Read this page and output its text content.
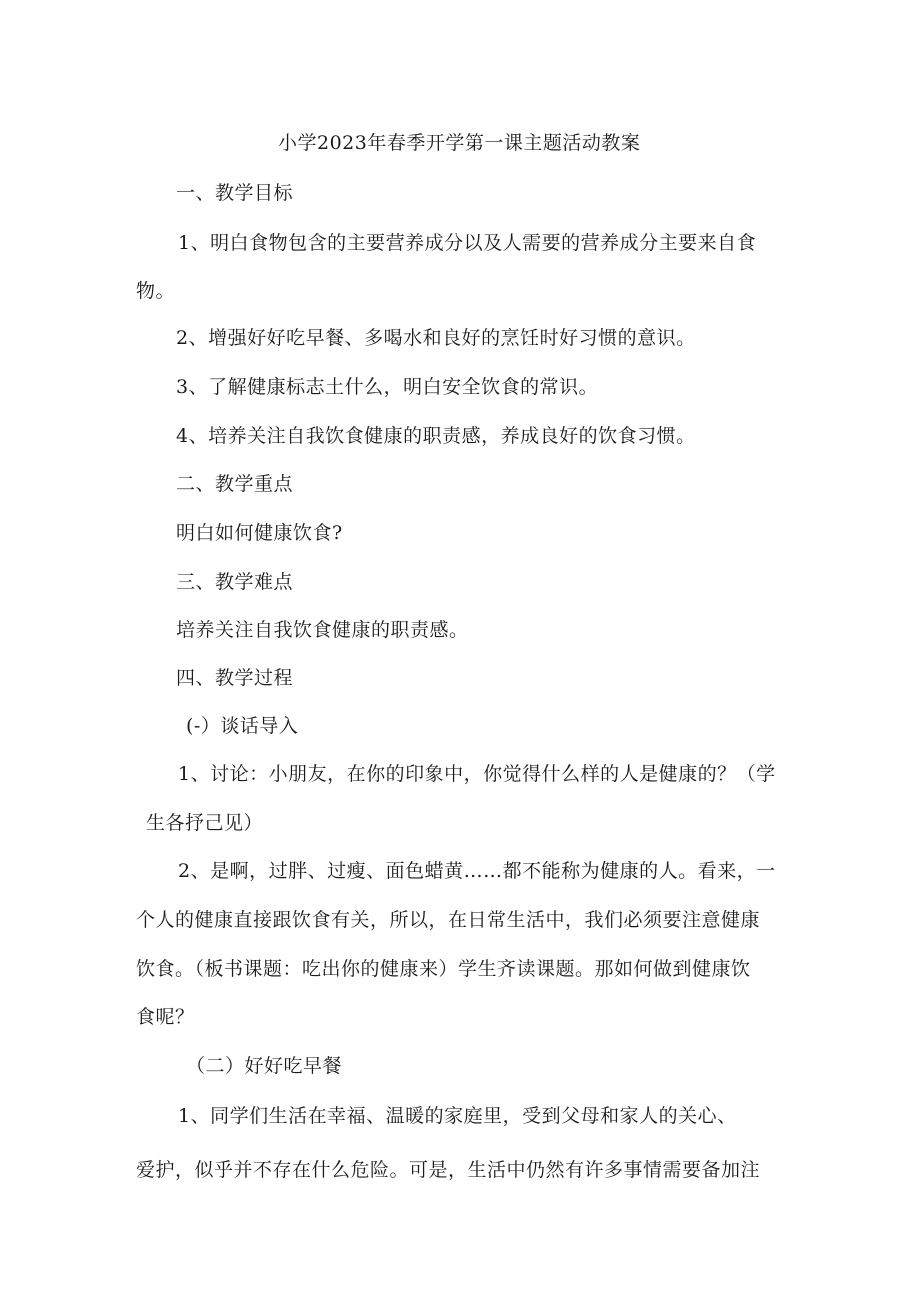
小学2023年春季开学第一课主题活动教案
一、教学目标
1、明白食物包含的主要营养成分以及人需要的营养成分主要来自食
物。
2、增强好好吃早餐、多喝水和良好的烹饪时好习惯的意识。
3、了解健康标志土什么，明白安全饮食的常识。
4、培养关注自我饮食健康的职责感，养成良好的饮食习惯。
二、教学重点
明白如何健康饮食?
三、教学难点
培养关注自我饮食健康的职责感。
四、教学过程
(-）谈话导入
1、讨论：小朋友，在你的印象中，你觉得什么样的人是健康的？（学
生各抒己见）
2、是啊，过胖、过瘦、面色蜡黄……都不能称为健康的人。看来，一
个人的健康直接跟饮食有关，所以，在日常生活中，我们必须要注意健康
饮食。（板书课题：吃出你的健康来）学生齐读课题。那如何做到健康饮
食呢？
（二）好好吃早餐
1、同学们生活在幸福、温暖的家庭里，受到父母和家人的关心、
爱护，似乎并不存在什么危险。可是，生活中仍然有许多事情需要备加注
